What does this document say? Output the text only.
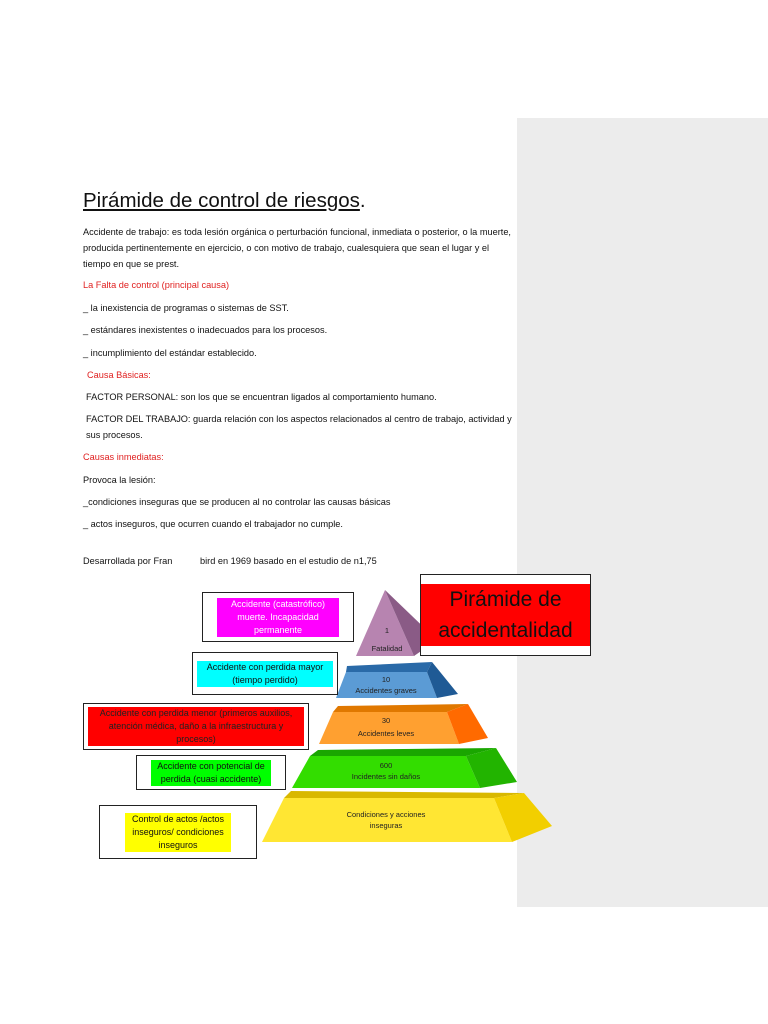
Pirámide de control de riesgos.
Accidente de trabajo: es toda lesión orgánica o perturbación funcional, inmediata o posterior, o la muerte, producida pertinentemente en ejercicio, o con motivo de trabajo, cualesquiera que sean el lugar y el tiempo en que se prest.
La Falta de control (principal causa)
_ la inexistencia de programas o sistemas de SST.
_ estándares inexistentes o inadecuados para los procesos.
_ incumplimiento del estándar establecido.
Causa Básicas:
FACTOR PERSONAL: son los que se encuentran ligados al comportamiento humano.
FACTOR DEL TRABAJO: guarda relación con los aspectos relacionados al centro de trabajo, actividad y sus procesos.
Causas inmediatas:
Provoca la lesión:
_condiciones inseguras que se producen al no controlar las causas básicas
_ actos inseguros, que ocurren cuando el trabajador no cumple.
Desarrollada por Fran	bird en 1969 basado en el estudio de n1,75
1
Fatalidad
10
Accidentes graves
30
Accidentes leves
600
Incidentes sin daños
Condiciones y acciones
inseguras
Pirámide de accidentalidad
Accidente (catastrófico) muerte. Incapacidad permanente
Accidente con perdida mayor (tiempo perdido)
Accidente con perdida menor (primeros auxilios, atención médica, daño a la infraestructura y procesos)
Accidente con potencial de perdida (cuasi accidente)
Control de actos /actos inseguros/ condiciones inseguros
